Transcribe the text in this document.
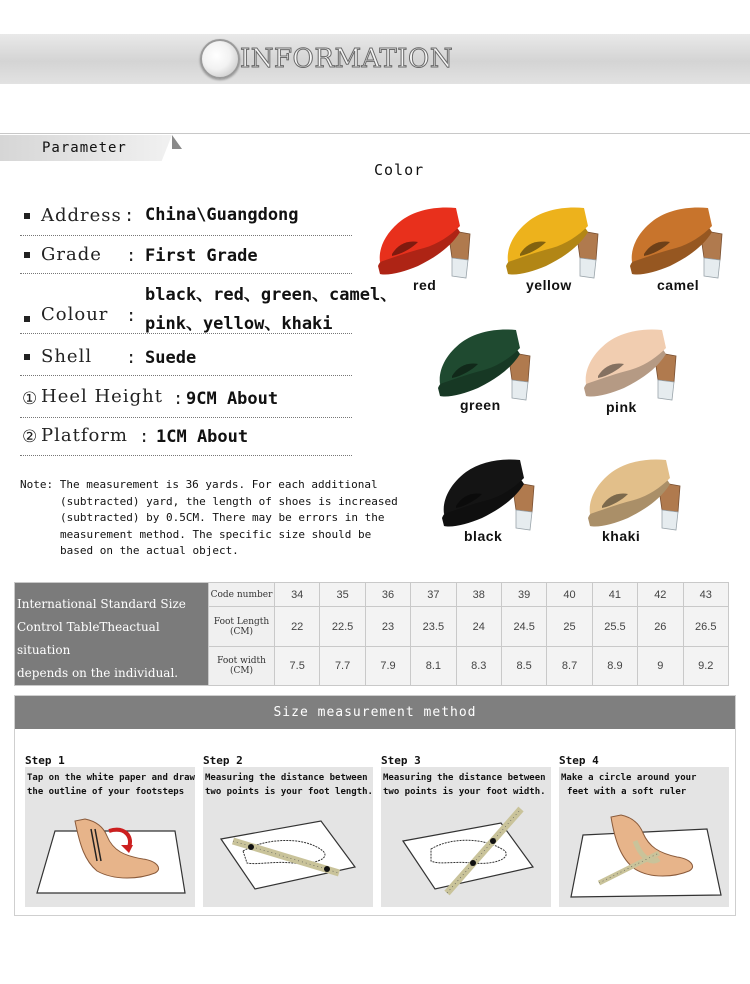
INFORMATION
Parameter
Color
Address : China\Guangdong
Grade : First Grade
Colour :
black、red、green、camel、
pink、yellow、khaki
Shell : Suede
① Heel Height : 9CM About
② Platform : 1CM About
Note: The measurement is 36 yards. For each additional
(subtracted) yard, the length of shoes is increased
(subtracted) by 0.5CM. There may be errors in the
measurement method. The specific size should be
based on the actual object.
red	yellow	camel
green	pink
black	khaki
International Standard Size
Control TableTheactual situation
depends on the individual.	Code number	34	35	36	37	38	39	40	41	42	43
	Foot Length (CM)	22	22.5	23	23.5	24	24.5	25	25.5	26	26.5
	Foot width (CM)	7.5	7.7	7.9	8.1	8.3	8.5	8.7	8.9	9	9.2
Size measurement method
Step 1
Tap on the white paper and draw
the outline of your footsteps
Step 2
Measuring the distance between
two points is your foot length.
Step 3
Measuring the distance between
two points is your foot width.
Step 4
Make a circle around your
feet with a soft ruler
